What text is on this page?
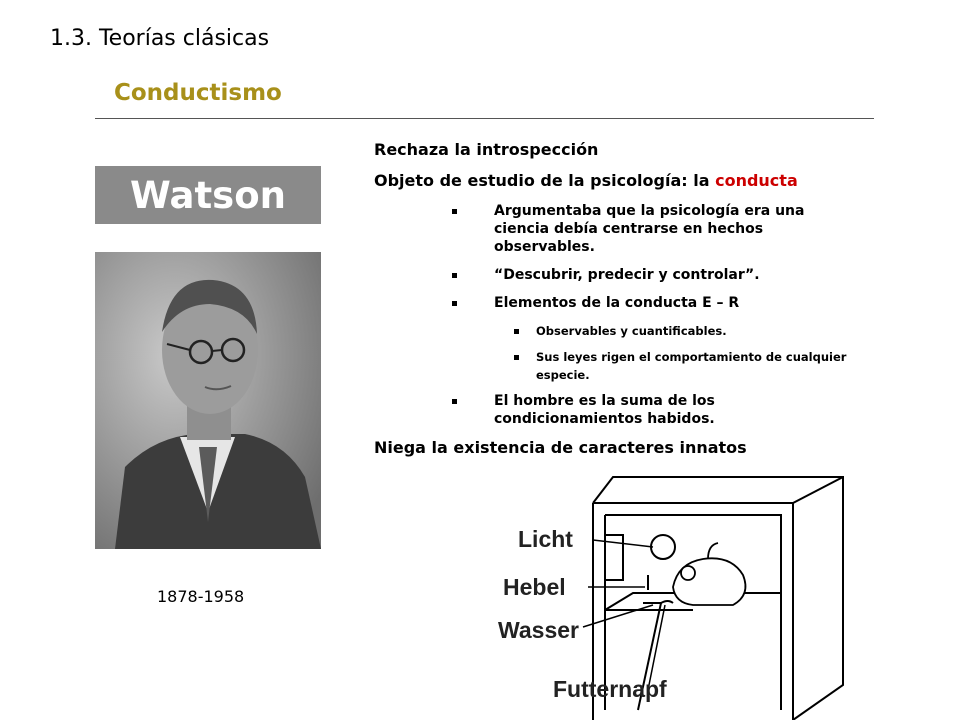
1.3. Teorías clásicas
Conductismo
Watson
1878-1958
Rechaza la introspección
Objeto de estudio de la psicología: la conducta
Argumentaba que la psicología era una ciencia debía centrarse en hechos observables.
“Descubrir, predecir y controlar”.
Elementos de la conducta E – R
Observables y cuantificables.
Sus leyes rigen el comportamiento de cualquier especie.
El hombre es la suma de los condicionamientos habidos.
Niega la existencia de caracteres innatos
Licht
Hebel
Wasser
Futternapf
